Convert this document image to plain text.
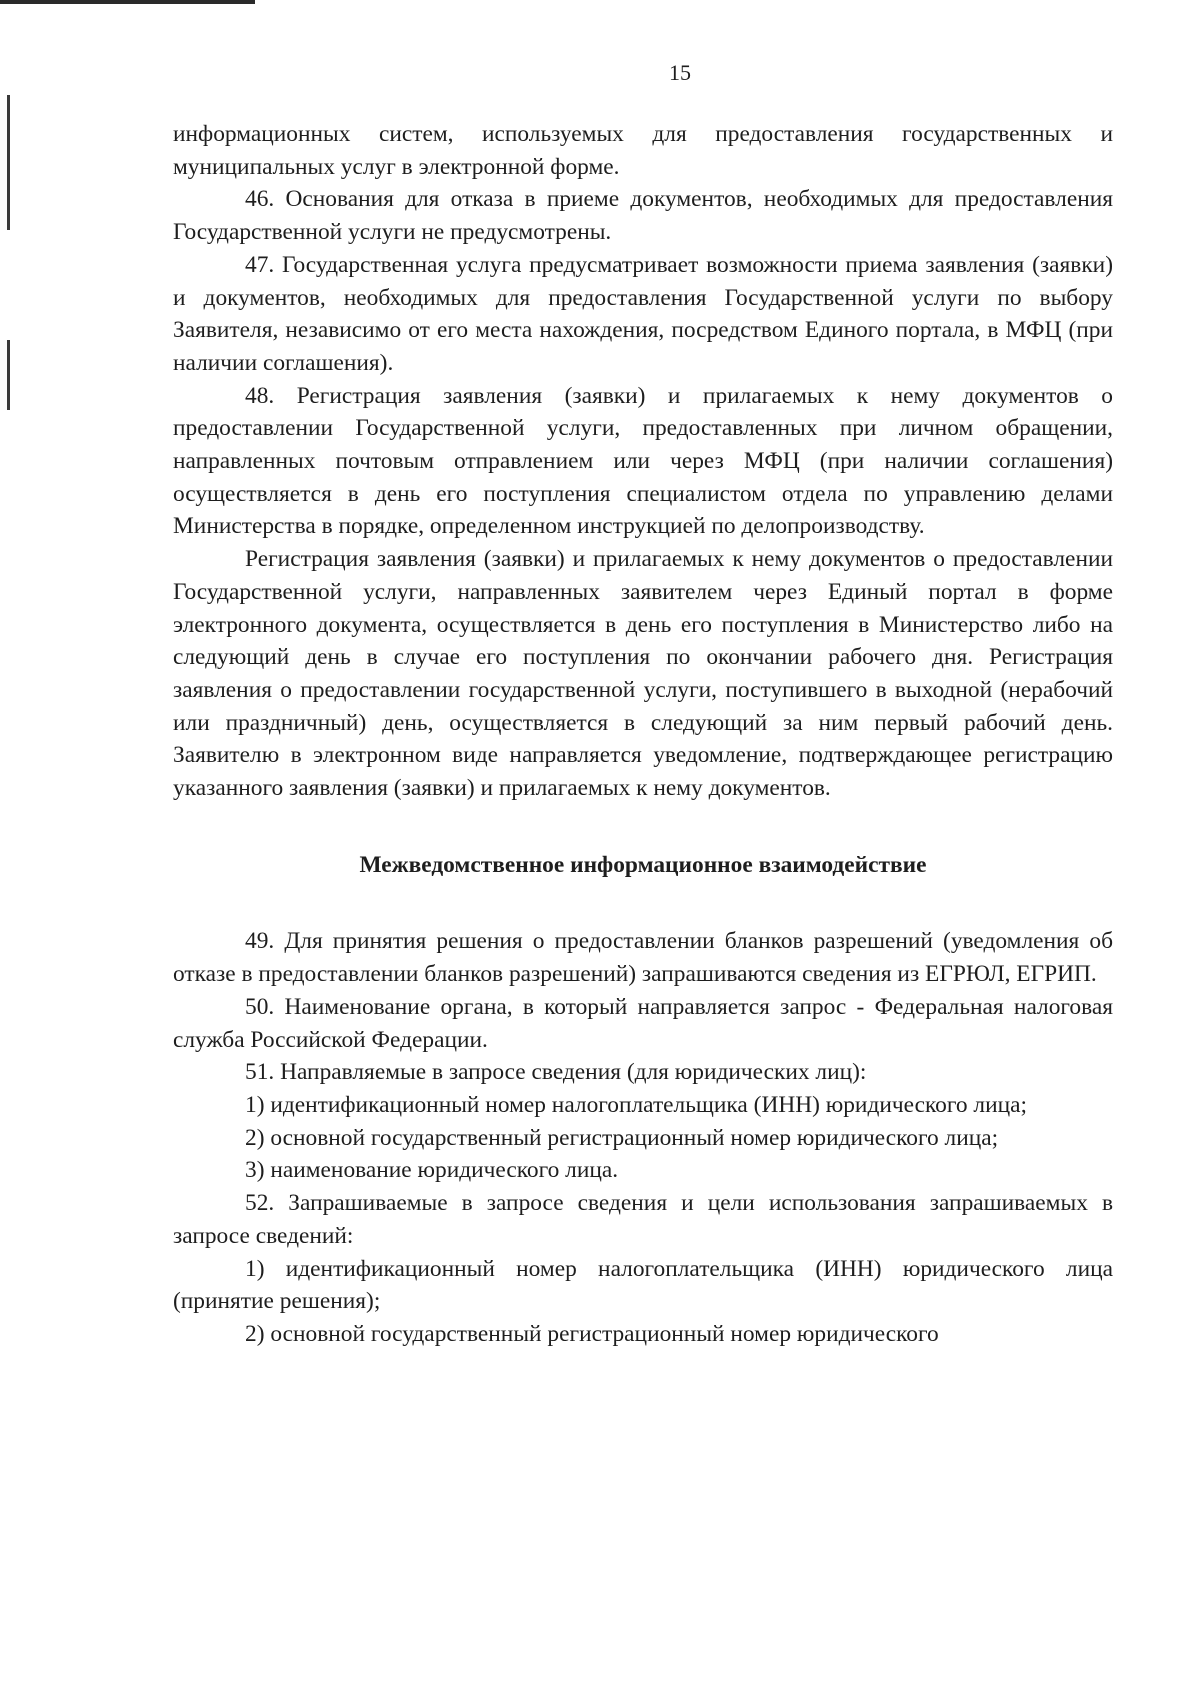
15

информационных систем, используемых для предоставления государственных и муниципальных услуг в электронной форме.

46. Основания для отказа в приеме документов, необходимых для предоставления Государственной услуги не предусмотрены.

47. Государственная услуга предусматривает возможности приема заявления (заявки) и документов, необходимых для предоставления Государственной услуги по выбору Заявителя, независимо от его места нахождения, посредством Единого портала, в МФЦ (при наличии соглашения).

48. Регистрация заявления (заявки) и прилагаемых к нему документов о предоставлении Государственной услуги, предоставленных при личном обращении, направленных почтовым отправлением или через МФЦ (при наличии соглашения) осуществляется в день его поступления специалистом отдела по управлению делами Министерства в порядке, определенном инструкцией по делопроизводству.

Регистрация заявления (заявки) и прилагаемых к нему документов о предоставлении Государственной услуги, направленных заявителем через Единый портал в форме электронного документа, осуществляется в день его поступления в Министерство либо на следующий день в случае его поступления по окончании рабочего дня. Регистрация заявления о предоставлении государственной услуги, поступившего в выходной (нерабочий или праздничный) день, осуществляется в следующий за ним первый рабочий день. Заявителю в электронном виде направляется уведомление, подтверждающее регистрацию указанного заявления (заявки) и прилагаемых к нему документов.

Межведомственное информационное взаимодействие

49. Для принятия решения о предоставлении бланков разрешений (уведомления об отказе в предоставлении бланков разрешений) запрашиваются сведения из ЕГРЮЛ, ЕГРИП.

50. Наименование органа, в который направляется запрос - Федеральная налоговая служба Российской Федерации.

51. Направляемые в запросе сведения (для юридических лиц):

1) идентификационный номер налогоплательщика (ИНН) юридического лица;

2) основной государственный регистрационный номер юридического лица;

3) наименование юридического лица.

52. Запрашиваемые в запросе сведения и цели использования запрашиваемых в запросе сведений:

1) идентификационный номер налогоплательщика (ИНН) юридического лица (принятие решения);

2) основной государственный регистрационный номер юридического
